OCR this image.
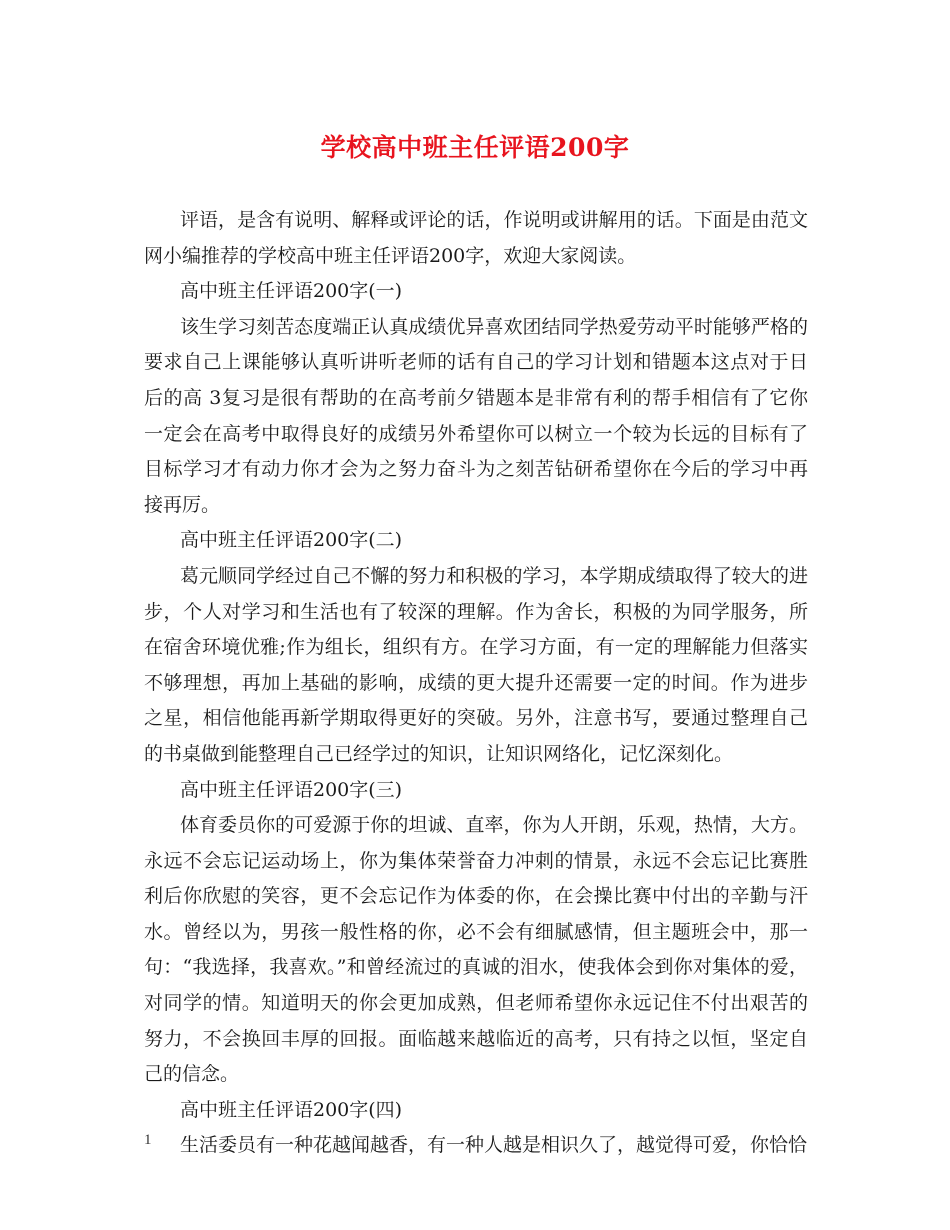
学校高中班主任评语200字

评语，是含有说明、解释或评论的话，作说明或讲解用的话。下面是由范文网小编推荐的学校高中班主任评语200字，欢迎大家阅读。

高中班主任评语200字(一)

该生学习刻苦态度端正认真成绩优异喜欢团结同学热爱劳动平时能够严格的要求自己上课能够认真听讲听老师的话有自己的学习计划和错题本这点对于日后的高 3复习是很有帮助的在高考前夕错题本是非常有利的帮手相信有了它你一定会在高考中取得良好的成绩另外希望你可以树立一个较为长远的目标有了目标学习才有动力你才会为之努力奋斗为之刻苦钻研希望你在今后的学习中再接再厉。

高中班主任评语200字(二)

葛元顺同学经过自己不懈的努力和积极的学习，本学期成绩取得了较大的进步，个人对学习和生活也有了较深的理解。作为舍长，积极的为同学服务，所在宿舍环境优雅;作为组长，组织有方。在学习方面，有一定的理解能力但落实不够理想，再加上基础的影响，成绩的更大提升还需要一定的时间。作为进步之星，相信他能再新学期取得更好的突破。另外，注意书写，要通过整理自己的书桌做到能整理自己已经学过的知识，让知识网络化，记忆深刻化。

高中班主任评语200字(三)

体育委员你的可爱源于你的坦诚、直率，你为人开朗，乐观，热情，大方。永远不会忘记运动场上，你为集体荣誉奋力冲刺的情景，永远不会忘记比赛胜利后你欣慰的笑容，更不会忘记作为体委的你，在会操比赛中付出的辛勤与汗水。曾经以为，男孩一般性格的你，必不会有细腻感情，但主题班会中，那一句：“我选择，我喜欢。”和曾经流过的真诚的泪水，使我体会到你对集体的爱，对同学的情。知道明天的你会更加成熟，但老师希望你永远记住不付出艰苦的努力，不会换回丰厚的回报。面临越来越临近的高考，只有持之以恒，坚定自己的信念。

高中班主任评语200字(四)

生活委员有一种花越闻越香，有一种人越是相识久了，越觉得可爱，你恰恰

1
